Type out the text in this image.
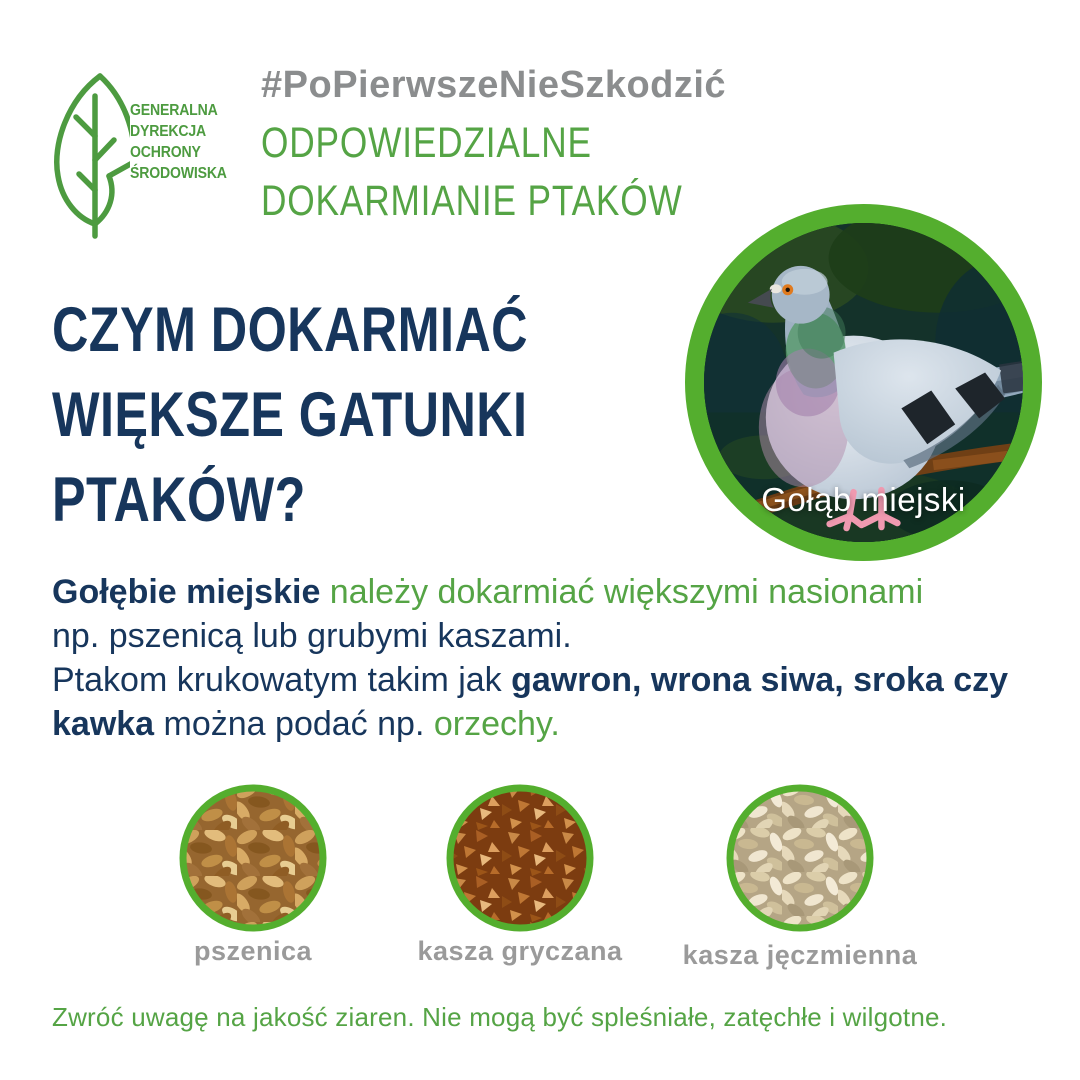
GENERALNA
DYREKCJA
OCHRONY
ŚRODOWISKA
#PoPierwszeNieSzkodzić
ODPOWIEDZIALNE
DOKARMIANIE PTAKÓW
Gołąb miejski
CZYM DOKARMIAĆ
WIĘKSZE GATUNKI
PTAKÓW?
Gołębie miejskie należy dokarmiać większymi nasionami
np. pszenicą lub grubymi kaszami.
Ptakom krukowatym takim jak gawron, wrona siwa, sroka czy
kawka można podać np. orzechy.
pszenica	kasza gryczana	kasza jęczmienna
Zwróć uwagę na jakość ziaren. Nie mogą być spleśniałe, zatęchłe i wilgotne.
